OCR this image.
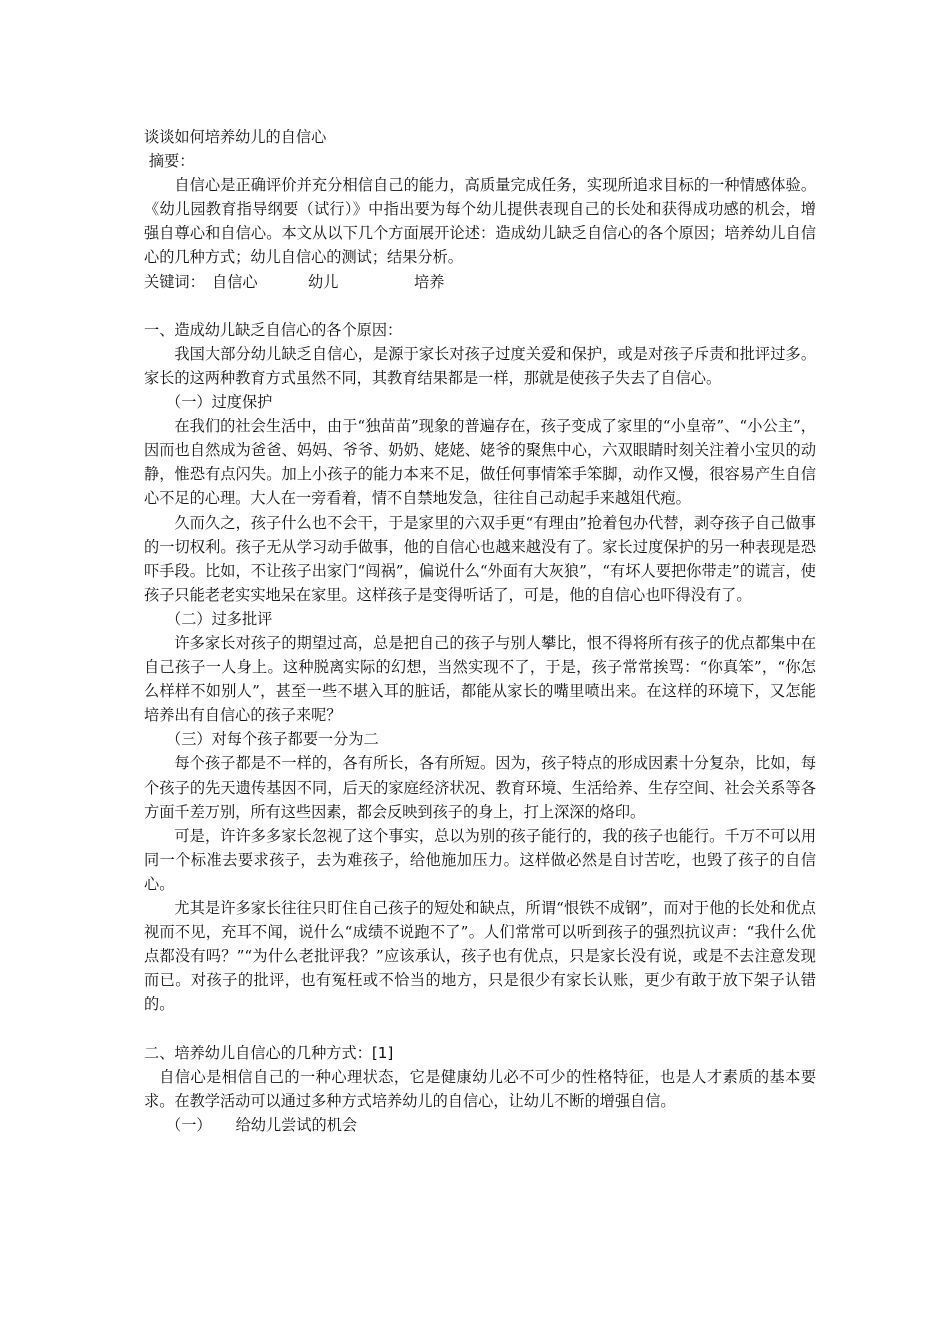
谈谈如何培养幼儿的自信心
摘要：

自信心是正确评价并充分相信自己的能力，高质量完成任务，实现所追求目标的一种情感体验。《幼儿园教育指导纲要（试行）》中指出要为每个幼儿提供表现自己的长处和获得成功感的机会，增强自尊心和自信心。本文从以下几个方面展开论述：造成幼儿缺乏自信心的各个原因；培养幼儿自信心的几种方式；幼儿自信心的测试；结果分析。

关键词： 自信心	幼儿	培养
一、造成幼儿缺乏自信心的各个原因：

我国大部分幼儿缺乏自信心，是源于家长对孩子过度关爱和保护，或是对孩子斥责和批评过多。家长的这两种教育方式虽然不同，其教育结果都是一样，那就是使孩子失去了自信心。

（一）过度保护

在我们的社会生活中，由于“独苗苗”现象的普遍存在，孩子变成了家里的“小皇帝”、“小公主”，因而也自然成为爸爸、妈妈、爷爷、奶奶、姥姥、姥爷的聚焦中心，六双眼睛时刻关注着小宝贝的动静，惟恐有点闪失。加上小孩子的能力本来不足，做任何事情笨手笨脚，动作又慢，很容易产生自信心不足的心理。大人在一旁看着，情不自禁地发急，往往自己动起手来越俎代疱。

久而久之，孩子什么也不会干，于是家里的六双手更“有理由”抢着包办代替，剥夺孩子自己做事的一切权利。孩子无从学习动手做事，他的自信心也越来越没有了。家长过度保护的另一种表现是恐吓手段。比如，不让孩子出家门“闯祸”，偏说什么“外面有大灰狼”，“有坏人要把你带走”的谎言，使孩子只能老老实实地呆在家里。这样孩子是变得听话了，可是，他的自信心也吓得没有了。

（二）过多批评

许多家长对孩子的期望过高，总是把自己的孩子与别人攀比，恨不得将所有孩子的优点都集中在自己孩子一人身上。这种脱离实际的幻想，当然实现不了，于是，孩子常常挨骂：“你真笨”，“你怎么样样不如别人”，甚至一些不堪入耳的脏话，都能从家长的嘴里喷出来。在这样的环境下，又怎能培养出有自信心的孩子来呢？

（三）对每个孩子都要一分为二

每个孩子都是不一样的，各有所长，各有所短。因为，孩子特点的形成因素十分复杂，比如，每个孩子的先天遗传基因不同，后天的家庭经济状况、教育环境、生活给养、生存空间、社会关系等各方面千差万别，所有这些因素，都会反映到孩子的身上，打上深深的烙印。

可是，许许多多家长忽视了这个事实，总以为别的孩子能行的，我的孩子也能行。千万不可以用同一个标准去要求孩子，去为难孩子，给他施加压力。这样做必然是自讨苦吃，也毁了孩子的自信心。

尤其是许多家长往往只盯住自己孩子的短处和缺点，所谓“恨铁不成钢”，而对于他的长处和优点视而不见，充耳不闻，说什么“成绩不说跑不了”。人们常常可以听到孩子的强烈抗议声：“我什么优点都没有吗？”“为什么老批评我？”应该承认，孩子也有优点，只是家长没有说，或是不去注意发现而已。对孩子的批评，也有冤枉或不恰当的地方，只是很少有家长认账，更少有敢于放下架子认错的。

二、培养幼儿自信心的几种方式：[1]

自信心是相信自己的一种心理状态，它是健康幼儿必不可少的性格特征，也是人才素质的基本要求。在教学活动可以通过多种方式培养幼儿的自信心，让幼儿不断的增强自信。

（一） 给幼儿尝试的机会
